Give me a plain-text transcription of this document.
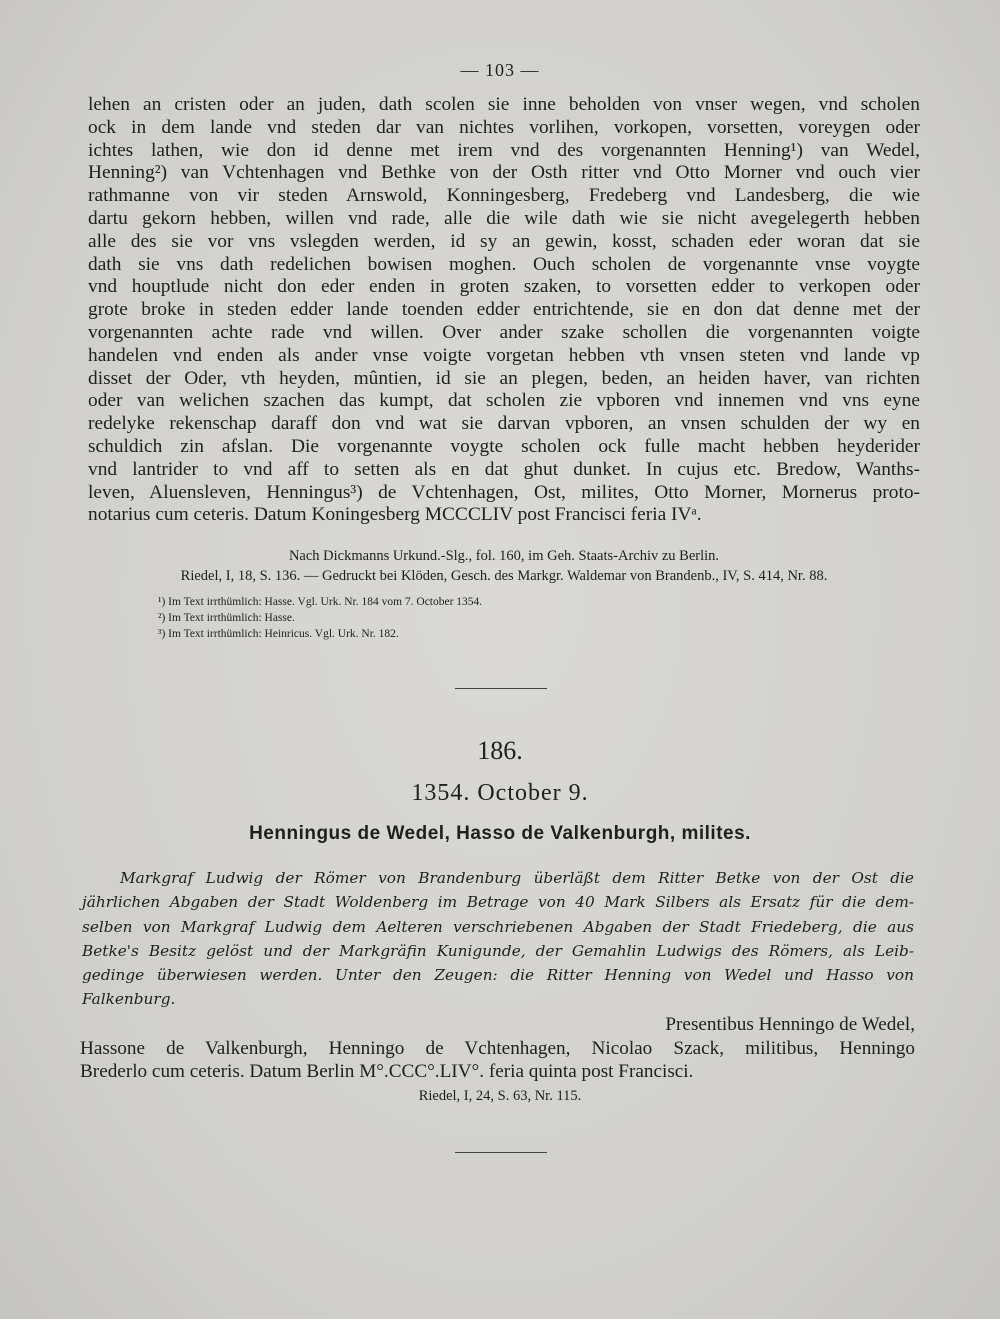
— 103 —
lehen an cristen oder an juden, dath scolen sie inne beholden von vnser wegen, vnd scholen
ock in dem lande vnd steden dar van nichtes vorlihen, vorkopen, vorsetten, voreygen oder
ichtes lathen, wie don id denne met irem vnd des vorgenannten Henning¹) van Wedel,
Henning²) van Vchtenhagen vnd Bethke von der Osth ritter vnd Otto Morner vnd ouch vier
rathmanne von vir steden Arnswold, Konningesberg, Fredeberg vnd Landesberg, die wie
dartu gekorn hebben, willen vnd rade, alle die wile dath wie sie nicht avegelegerth hebben
alle des sie vor vns vslegden werden, id sy an gewin, kosst, schaden eder woran dat sie
dath sie vns dath redelichen bowisen moghen. Ouch scholen de vorgenannte vnse voygte
vnd houptlude nicht don eder enden in groten szaken, to vorsetten edder to verkopen oder
grote broke in steden edder lande toenden edder entrichtende, sie en don dat denne met der
vorgenannten achte rade vnd willen. Over ander szake schollen die vorgenannten voigte
handelen vnd enden als ander vnse voigte vorgetan hebben vth vnsen steten vnd lande vp
disset der Oder, vth heyden, mûntien, id sie an plegen, beden, an heiden haver, van richten
oder van welichen szachen das kumpt, dat scholen zie vpboren vnd innemen vnd vns eyne
redelyke rekenschap daraff don vnd wat sie darvan vpboren, an vnsen schulden der wy en
schuldich zin afslan. Die vorgenannte voygte scholen ock fulle macht hebben heyderider
vnd lantrider to vnd aff to setten als en dat ghut dunket. In cujus etc. Bredow, Wanths-
leven, Aluensleven, Henningus³) de Vchtenhagen, Ost, milites, Otto Morner, Mornerus proto-
notarius cum ceteris. Datum Koningesberg MCCCLIV post Francisci feria IVᵃ.
Nach Dickmanns Urkund.-Slg., fol. 160, im Geh. Staats-Archiv zu Berlin.
Riedel, I, 18, S. 136. — Gedruckt bei Klöden, Gesch. des Markgr. Waldemar von Brandenb., IV, S. 414, Nr. 88.
¹) Im Text irrthümlich: Hasse. Vgl. Urk. Nr. 184 vom 7. October 1354.
²) Im Text irrthümlich: Hasse.
³) Im Text irrthümlich: Heinricus. Vgl. Urk. Nr. 182.
186.
1354. October 9.
Henningus de Wedel, Hasso de Valkenburgh, milites.
Markgraf Ludwig der Römer von Brandenburg überläßt dem Ritter Betke von der Ost die
jährlichen Abgaben der Stadt Woldenberg im Betrage von 40 Mark Silbers als Ersatz für die dem-
selben von Markgraf Ludwig dem Aelteren verschriebenen Abgaben der Stadt Friedeberg, die aus
Betke's Besitz gelöst und der Markgräfin Kunigunde, der Gemahlin Ludwigs des Römers, als Leib-
gedinge überwiesen werden. Unter den Zeugen: die Ritter Henning von Wedel und Hasso von
Falkenburg.
Presentibus Henningo de Wedel,
Hassone de Valkenburgh, Henningo de Vchtenhagen, Nicolao Szack, militibus, Henningo
Brederlo cum ceteris. Datum Berlin M°.CCC°.LIV°. feria quinta post Francisci.
Riedel, I, 24, S. 63, Nr. 115.
